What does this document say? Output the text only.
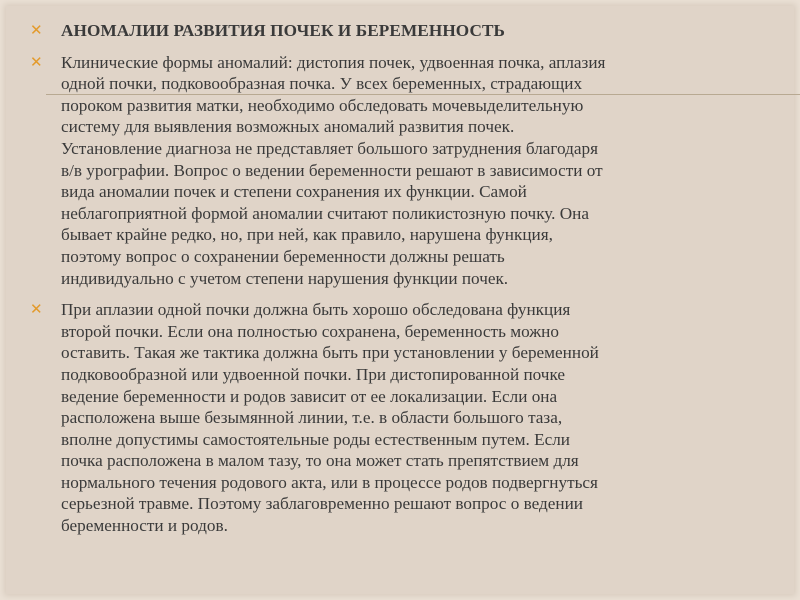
✕ АНОМАЛИИ РАЗВИТИЯ ПОЧЕК И БЕРЕМЕННОСТЬ
✕ Клинические формы аномалий: дистопия почек, удвоенная почка, аплазия
одной почки, подковообразная почка. У всех беременных, страдающих
пороком развития матки, необходимо обследовать мочевыделительную
систему для выявления возможных аномалий развития почек.
Установление диагноза не представляет большого затруднения благодаря
в/в урографии. Вопрос о ведении беременности решают в зависимости от
вида аномалии почек и степени сохранения их функции. Самой
неблагоприятной формой аномалии считают поликистозную почку. Она
бывает крайне редко, но, при ней, как правило, нарушена функция,
поэтому вопрос о сохранении беременности должны решать
индивидуально с учетом степени нарушения функции почек.
✕ При аплазии одной почки должна быть хорошо обследована функция
второй почки. Если она полностью сохранена, беременность можно
оставить. Такая же тактика должна быть при установлении у беременной
подковообразной или удвоенной почки. При дистопированной почке
ведение беременности и родов зависит от ее локализации. Если она
расположена выше безымянной линии, т.е. в области большого таза,
вполне допустимы самостоятельные роды естественным путем. Если
почка расположена в малом тазу, то она может стать препятствием для
нормального течения родового акта, или в процессе родов подвергнуться
серьезной травме. Поэтому заблаговременно решают вопрос о ведении
беременности и родов.
